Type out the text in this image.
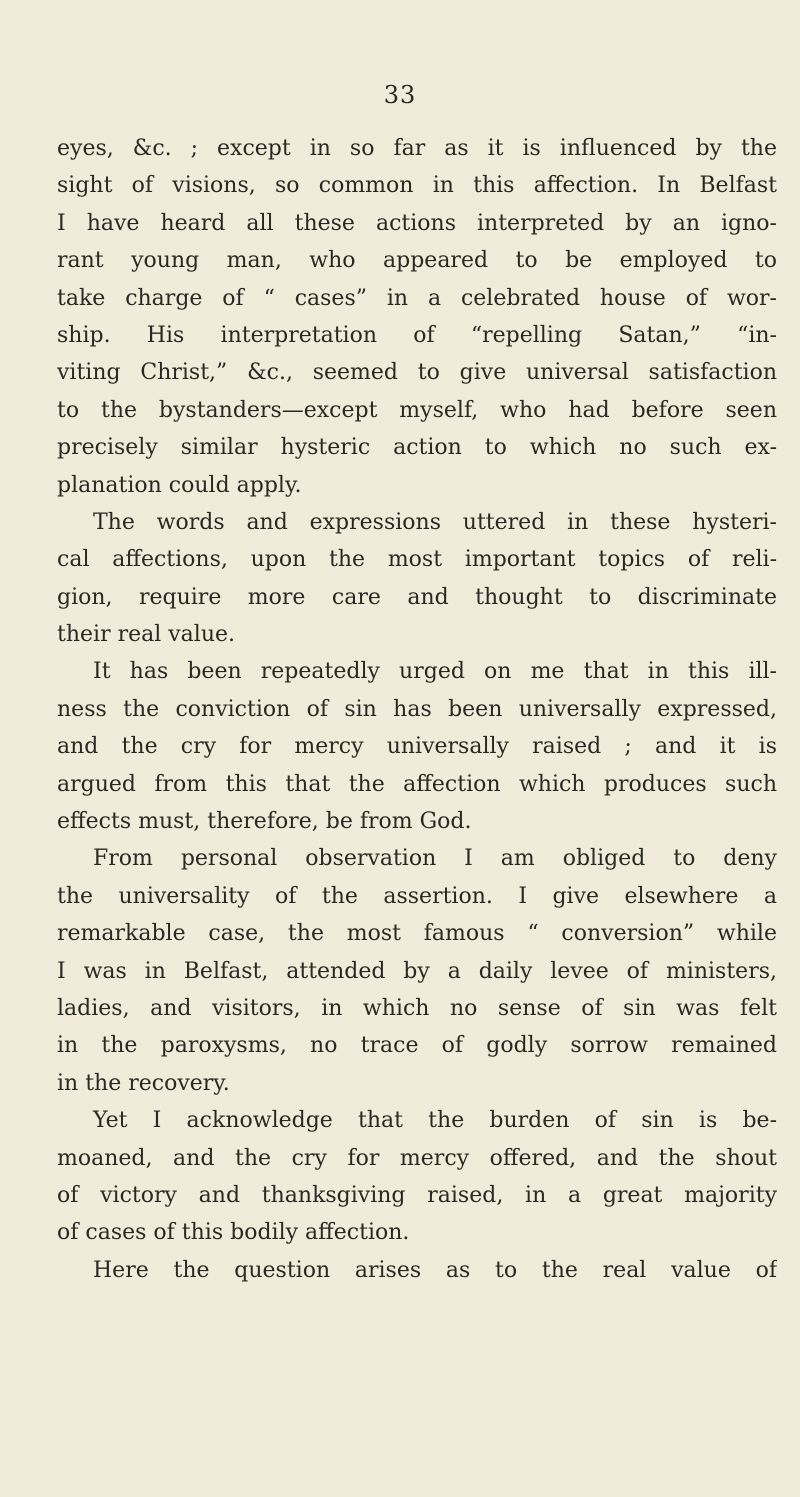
33
eyes, &c. ; except in so far as it is influenced by the
sight of visions, so common in this affection. In Belfast
I have heard all these actions interpreted by an igno-
rant young man, who appeared to be employed to
take charge of “ cases” in a celebrated house of wor-
ship. His interpretation of “repelling Satan,” “in-
viting Christ,” &c., seemed to give universal satisfaction
to the bystanders—except myself, who had before seen
precisely similar hysteric action to which no such ex-
planation could apply.
The words and expressions uttered in these hysteri-
cal affections, upon the most important topics of reli-
gion, require more care and thought to discriminate
their real value.
It has been repeatedly urged on me that in this ill-
ness the conviction of sin has been universally expressed,
and the cry for mercy universally raised ; and it is
argued from this that the affection which produces such
effects must, therefore, be from God.
From personal observation I am obliged to deny
the universality of the assertion. I give elsewhere a
remarkable case, the most famous “ conversion” while
I was in Belfast, attended by a daily levee of ministers,
ladies, and visitors, in which no sense of sin was felt
in the paroxysms, no trace of godly sorrow remained
in the recovery.
Yet I acknowledge that the burden of sin is be-
moaned, and the cry for mercy offered, and the shout
of victory and thanksgiving raised, in a great majority
of cases of this bodily affection.
Here the question arises as to the real value of
